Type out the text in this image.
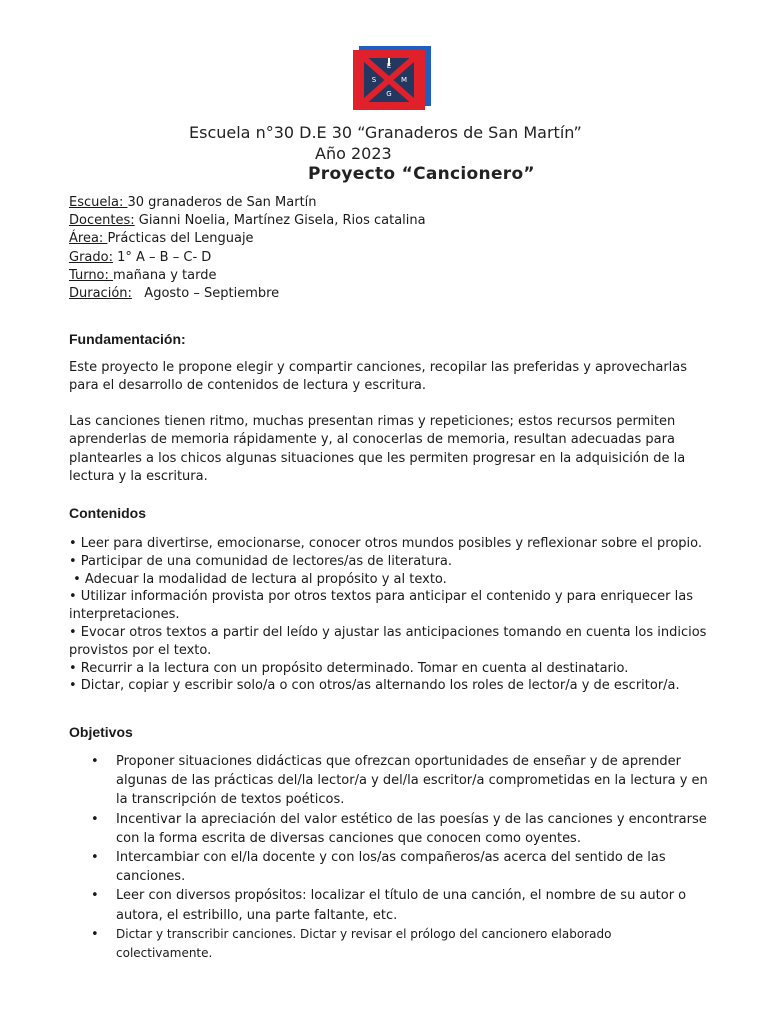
E
S	M
G
Escuela n°30 D.E 30 “Granaderos de San Martín”
Año 2023
Proyecto “Cancionero”
Escuela: 30 granaderos de San Martín
Docentes: Gianni Noelia, Martínez Gisela, Rios catalina
Área: Prácticas del Lenguaje
Grado: 1° A – B – C- D
Turno: mañana y tarde
Duración:   Agosto – Septiembre
Fundamentación:
Este proyecto le propone elegir y compartir canciones, recopilar las preferidas y aprovecharlas para el desarrollo de contenidos de lectura y escritura.
Las canciones tienen ritmo, muchas presentan rimas y repeticiones; estos recursos permiten aprenderlas de memoria rápidamente y, al conocerlas de memoria, resultan adecuadas para plantearles a los chicos algunas situaciones que les permiten progresar en la adquisición de la lectura y la escritura.
Contenidos
• Leer para divertirse, emocionarse, conocer otros mundos posibles y reflexionar sobre el propio.
• Participar de una comunidad de lectores/as de literatura.
• Adecuar la modalidad de lectura al propósito y al texto.
• Utilizar información provista por otros textos para anticipar el contenido y para enriquecer las interpretaciones.
• Evocar otros textos a partir del leído y ajustar las anticipaciones tomando en cuenta los indicios provistos por el texto.
• Recurrir a la lectura con un propósito determinado. Tomar en cuenta al destinatario.
• Dictar, copiar y escribir solo/a o con otros/as alternando los roles de lector/a y de escritor/a.
Objetivos
• Proponer situaciones didácticas que ofrezcan oportunidades de enseñar y de aprender algunas de las prácticas del/la lector/a y del/la escritor/a comprometidas en la lectura y en la transcripción de textos poéticos.
• Incentivar la apreciación del valor estético de las poesías y de las canciones y encontrarse con la forma escrita de diversas canciones que conocen como oyentes.
• Intercambiar con el/la docente y con los/as compañeros/as acerca del sentido de las canciones.
• Leer con diversos propósitos: localizar el título de una canción, el nombre de su autor o autora, el estribillo, una parte faltante, etc.
• Dictar y transcribir canciones. Dictar y revisar el prólogo del cancionero elaborado colectivamente.
